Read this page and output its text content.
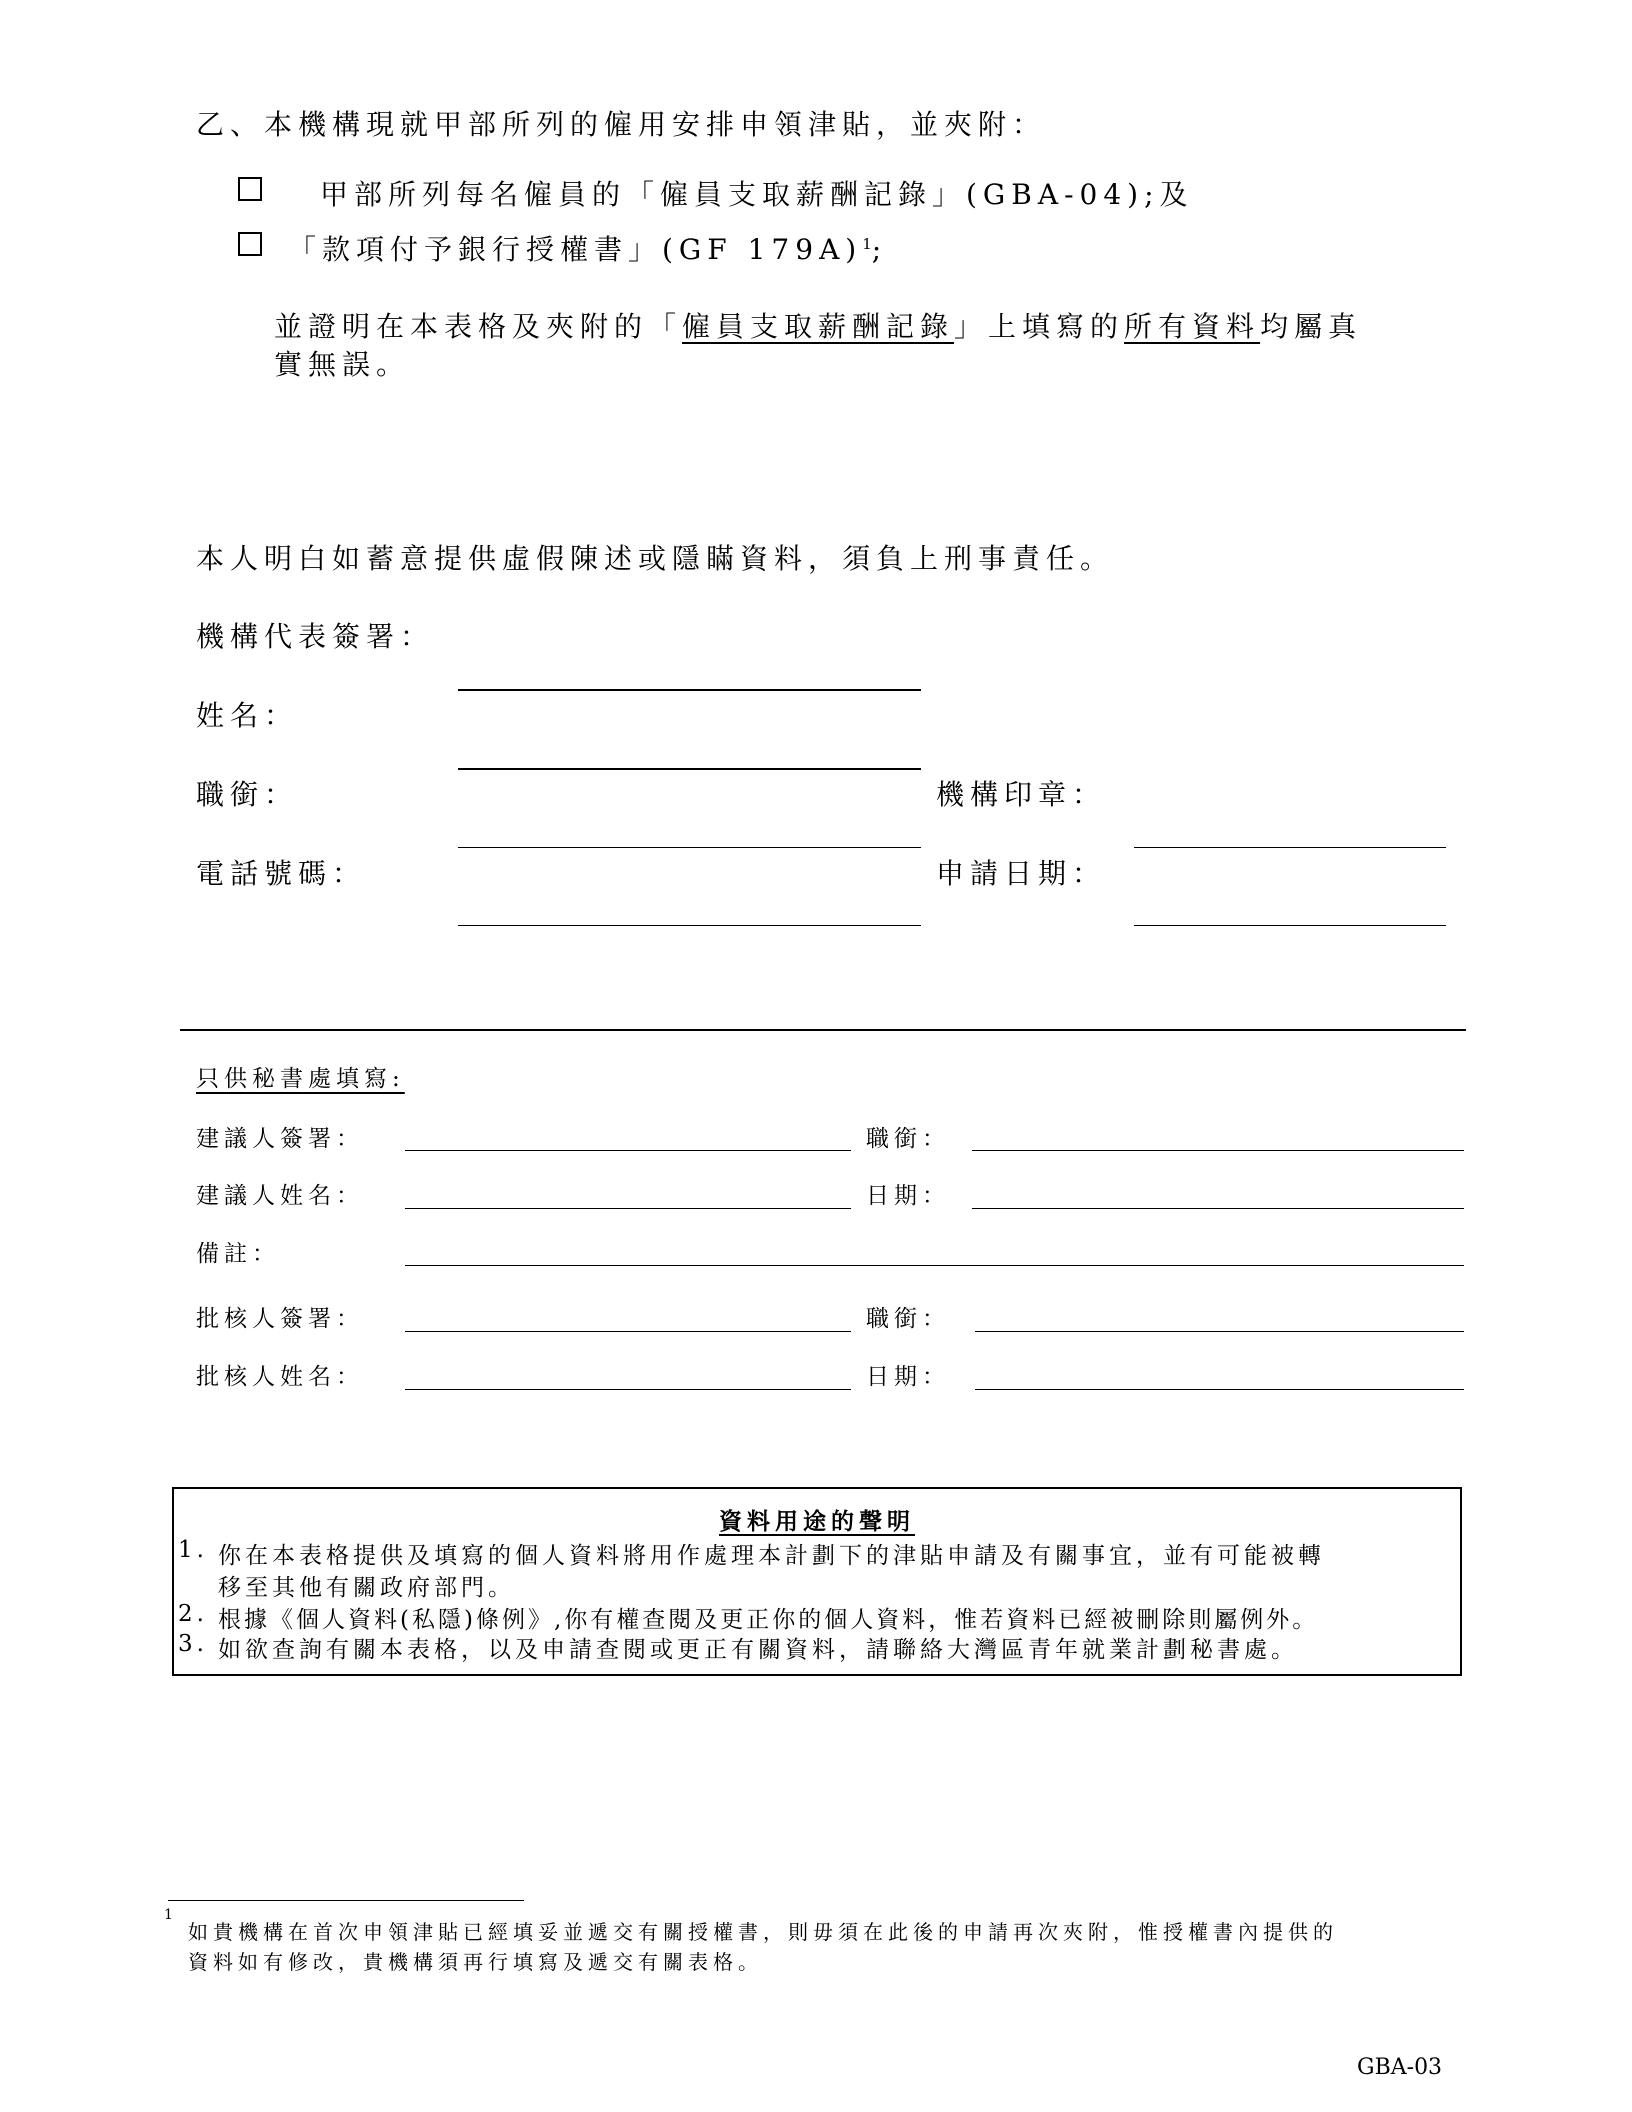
乙、本機構現就甲部所列的僱用安排申領津貼，並夾附：
甲部所列每名僱員的「僱員支取薪酬記錄」(GBA-04);及
「款項付予銀行授權書」(GF 179A)$^1$;
並證明在本表格及夾附的「僱員支取薪酬記錄」上填寫的所有資料均屬真
實無誤。
本人明白如蓄意提供虛假陳述或隱瞞資料，須負上刑事責任。
機構代表簽署：
姓名：
職銜：	機構印章：
電話號碼：	申請日期：
只供秘書處填寫:
建議人簽署：	職銜：
建議人姓名：	日期：
備註：
批核人簽署：	職銜：
批核人姓名：	日期：
資料用途的聲明
1. 你在本表格提供及填寫的個人資料將用作處理本計劃下的津貼申請及有關事宜，並有可能被轉
移至其他有關政府部門。
2. 根據《個人資料(私隱)條例》,你有權查閱及更正你的個人資料，惟若資料已經被刪除則屬例外。
3. 如欲查詢有關本表格，以及申請查閱或更正有關資料，請聯絡大灣區青年就業計劃秘書處。
1
如貴機構在首次申領津貼已經填妥並遞交有關授權書，則毋須在此後的申請再次夾附，惟授權書內提供的
資料如有修改，貴機構須再行填寫及遞交有關表格。
GBA-03
